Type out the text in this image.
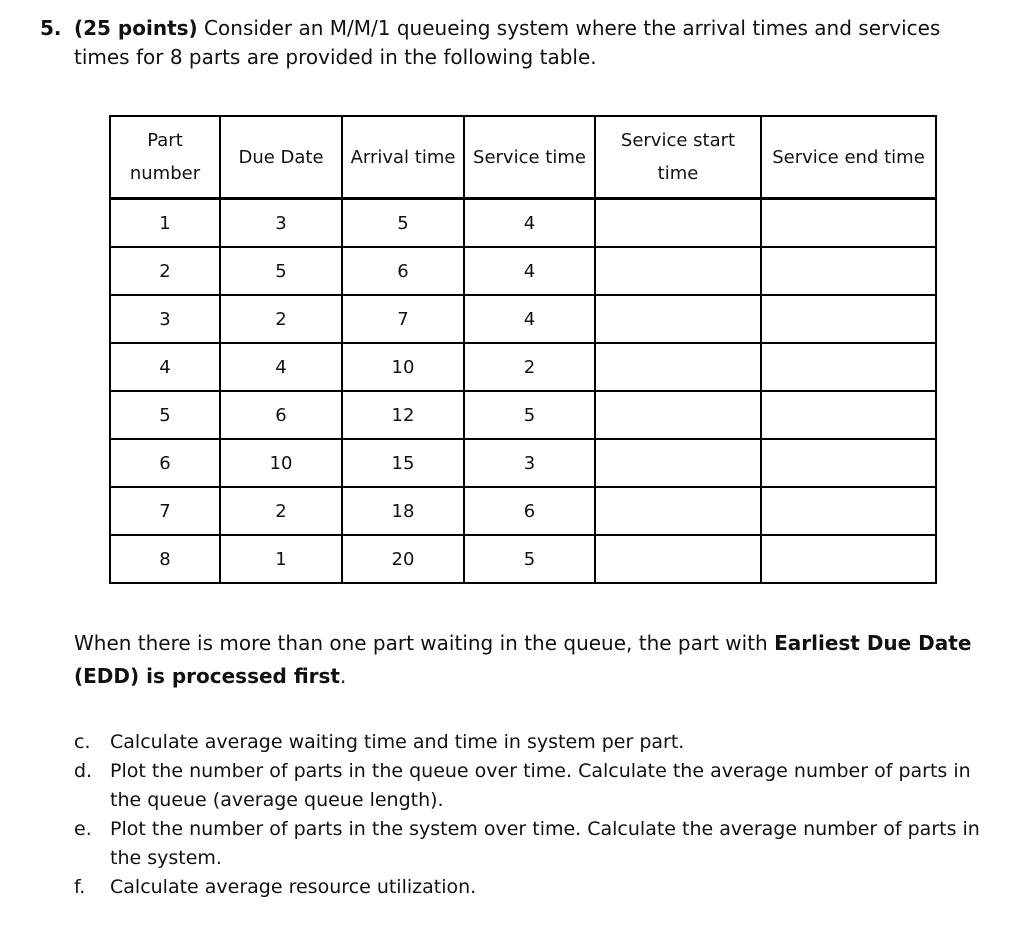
5. (25 points) Consider an M/M/1 queueing system where the arrival times and services times for 8 parts are provided in the following table.
Part number	Due Date	Arrival time	Service time	Service start time	Service end time
1	3	5	4		
2	5	6	4		
3	2	7	4		
4	4	10	2		
5	6	12	5		
6	10	15	3		
7	2	18	6		
8	1	20	5		
When there is more than one part waiting in the queue, the part with Earliest Due Date (EDD) is processed first.
c. Calculate average waiting time and time in system per part.
d. Plot the number of parts in the queue over time. Calculate the average number of parts in the queue (average queue length).
e. Plot the number of parts in the system over time. Calculate the average number of parts in the system.
f. Calculate average resource utilization.
